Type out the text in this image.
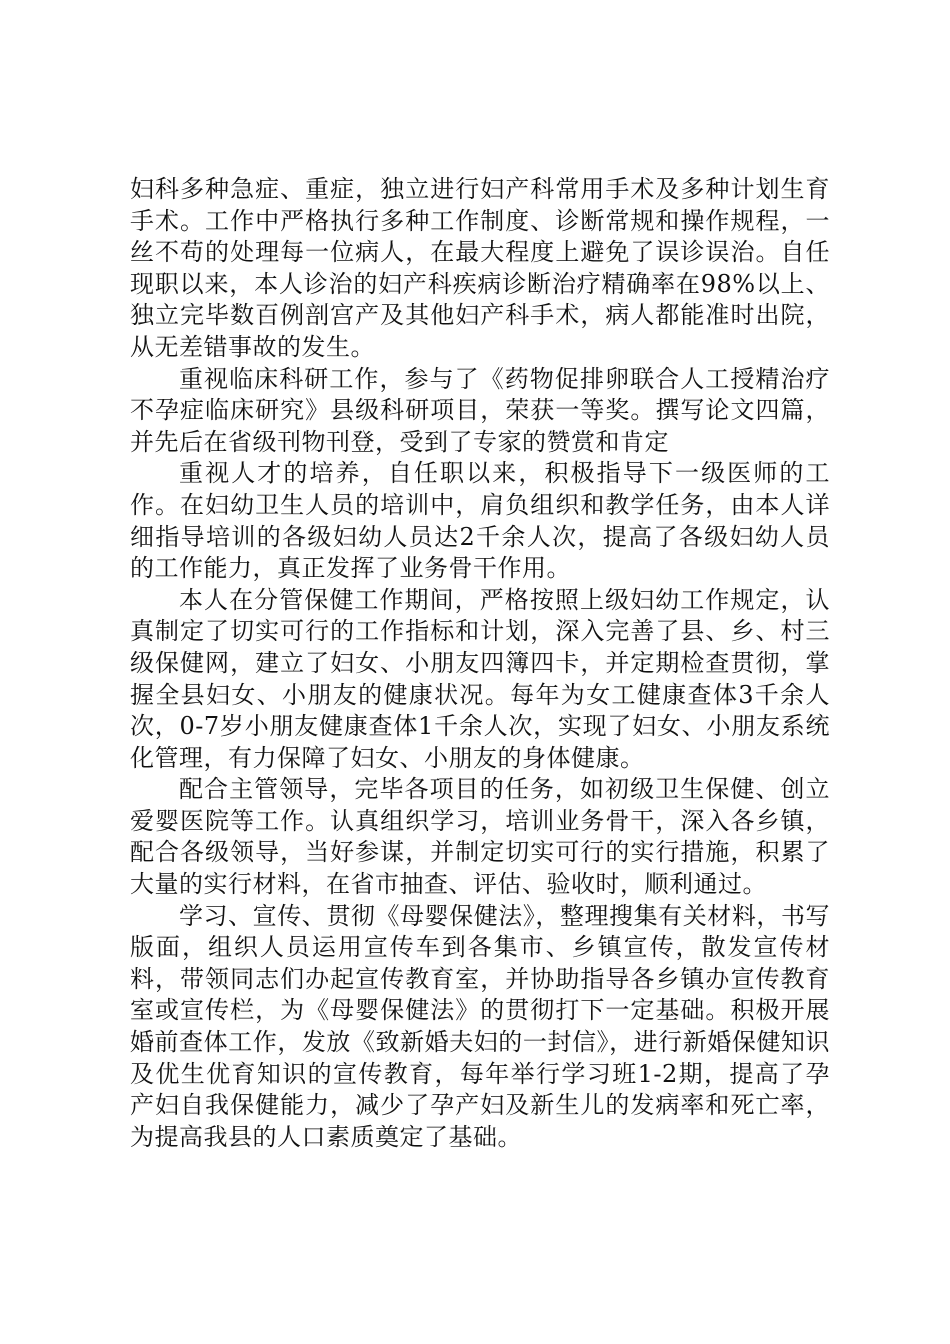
妇科多种急症、重症，独立进行妇产科常用手术及多种计划生育手术。工作中严格执行多种工作制度、诊断常规和操作规程，一丝不苟的处理每一位病人，在最大程度上避免了误诊误治。自任现职以来，本人诊治的妇产科疾病诊断治疗精确率在98%以上、独立完毕数百例剖宫产及其他妇产科手术，病人都能准时出院，从无差错事故的发生。

重视临床科研工作，参与了《药物促排卵联合人工授精治疗不孕症临床研究》县级科研项目，荣获一等奖。撰写论文四篇，并先后在省级刊物刊登，受到了专家的赞赏和肯定

重视人才的培养，自任职以来，积极指导下一级医师的工作。在妇幼卫生人员的培训中，肩负组织和教学任务，由本人详细指导培训的各级妇幼人员达2千余人次，提高了各级妇幼人员的工作能力，真正发挥了业务骨干作用。

本人在分管保健工作期间，严格按照上级妇幼工作规定，认真制定了切实可行的工作指标和计划，深入完善了县、乡、村三级保健网，建立了妇女、小朋友四簿四卡，并定期检查贯彻，掌握全县妇女、小朋友的健康状况。每年为女工健康查体3千余人次，0-7岁小朋友健康查体1千余人次，实现了妇女、小朋友系统化管理，有力保障了妇女、小朋友的身体健康。

配合主管领导，完毕各项目的任务，如初级卫生保健、创立爱婴医院等工作。认真组织学习，培训业务骨干，深入各乡镇，配合各级领导，当好参谋，并制定切实可行的实行措施，积累了大量的实行材料，在省市抽查、评估、验收时，顺利通过。

学习、宣传、贯彻《母婴保健法》，整理搜集有关材料，书写版面，组织人员运用宣传车到各集市、乡镇宣传，散发宣传材料，带领同志们办起宣传教育室，并协助指导各乡镇办宣传教育室或宣传栏，为《母婴保健法》的贯彻打下一定基础。积极开展婚前查体工作，发放《致新婚夫妇的一封信》，进行新婚保健知识及优生优育知识的宣传教育，每年举行学习班1-2期，提高了孕产妇自我保健能力，减少了孕产妇及新生儿的发病率和死亡率，为提高我县的人口素质奠定了基础。
